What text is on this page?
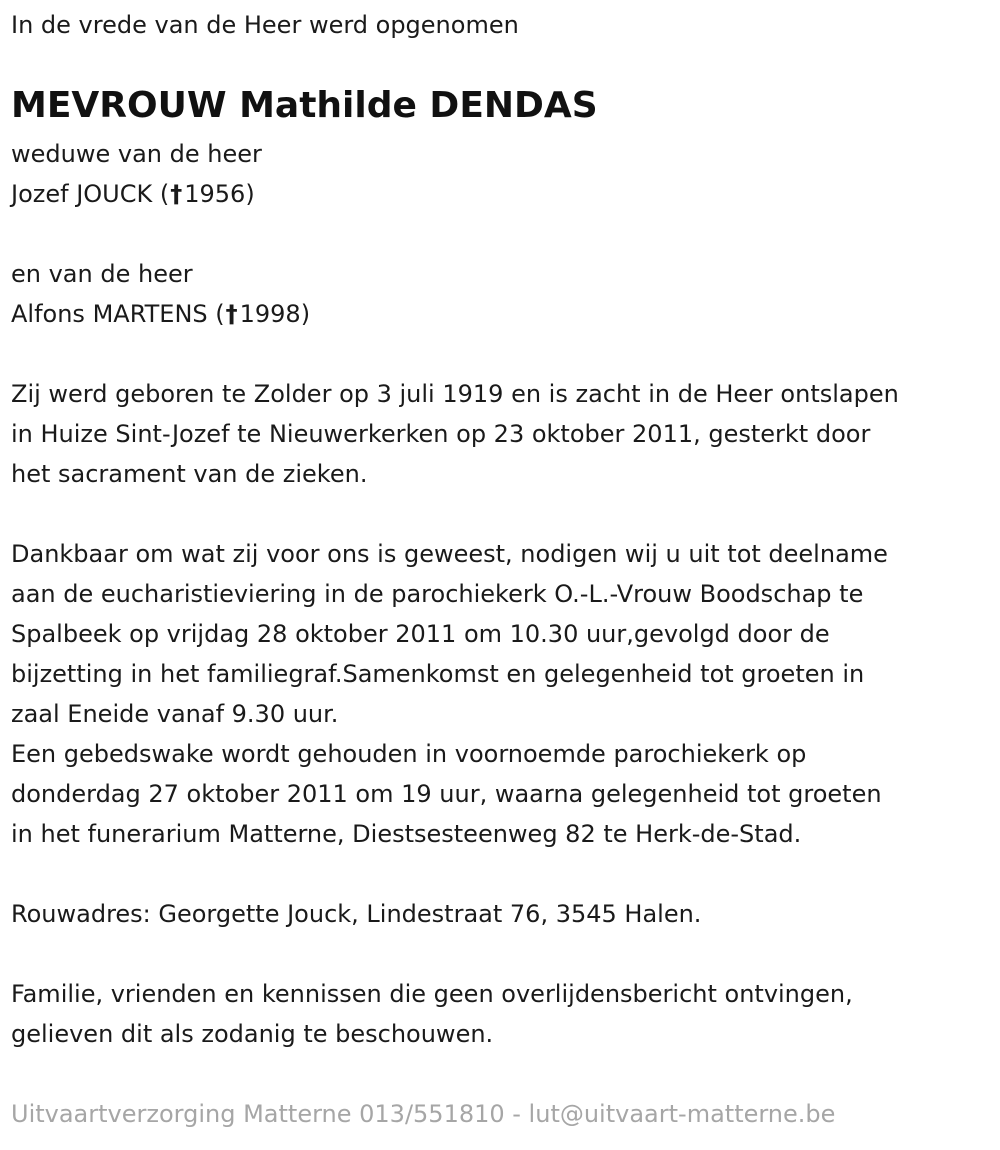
In de vrede van de Heer werd opgenomen
MEVROUW Mathilde DENDAS
weduwe van de heer
Jozef JOUCK (†1956)
en van de heer
Alfons MARTENS (†1998)
Zij werd geboren te Zolder op 3 juli 1919 en is zacht in de Heer ontslapen
in Huize Sint-Jozef te Nieuwerkerken op 23 oktober 2011, gesterkt door
het sacrament van de zieken.
Dankbaar om wat zij voor ons is geweest, nodigen wij u uit tot deelname
aan de eucharistieviering in de parochiekerk O.-L.-Vrouw Boodschap te
Spalbeek op vrijdag 28 oktober 2011 om 10.30 uur,gevolgd door de
bijzetting in het familiegraf.Samenkomst en gelegenheid tot groeten in
zaal Eneide vanaf 9.30 uur.
Een gebedswake wordt gehouden in voornoemde parochiekerk op
donderdag 27 oktober 2011 om 19 uur, waarna gelegenheid tot groeten
in het funerarium Matterne, Diestsesteenweg 82 te Herk-de-Stad.
Rouwadres: Georgette Jouck, Lindestraat 76, 3545 Halen.
Familie, vrienden en kennissen die geen overlijdensbericht ontvingen,
gelieven dit als zodanig te beschouwen.
Uitvaartverzorging Matterne 013/551810 - lut@uitvaart-matterne.be
